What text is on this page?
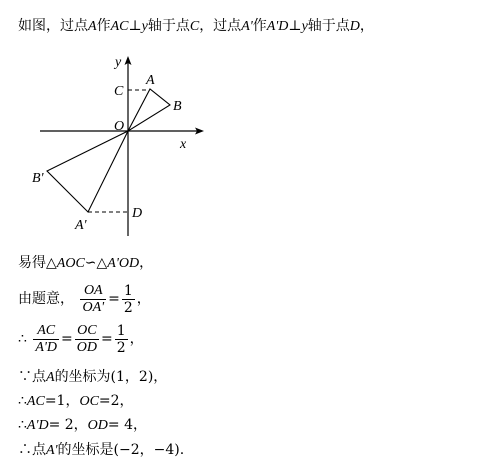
如图，过点A作AC⊥y轴于点C，过点A'作A'D⊥y轴于点D，
y
A
C
B
O
x
B'
D
A'
易得△AOC∽△A'OD，
由题意， $\frac{OA}{OA'} = \frac{1}{2}$ ，
∴ $\frac{AC}{A'D} = \frac{OC}{OD} = \frac{1}{2}$ ，
∵点A的坐标为(1，2)，
∴AC=1，OC=2，
∴A'D= 2，OD= 4，
∴点A'的坐标是(−2，−4).
